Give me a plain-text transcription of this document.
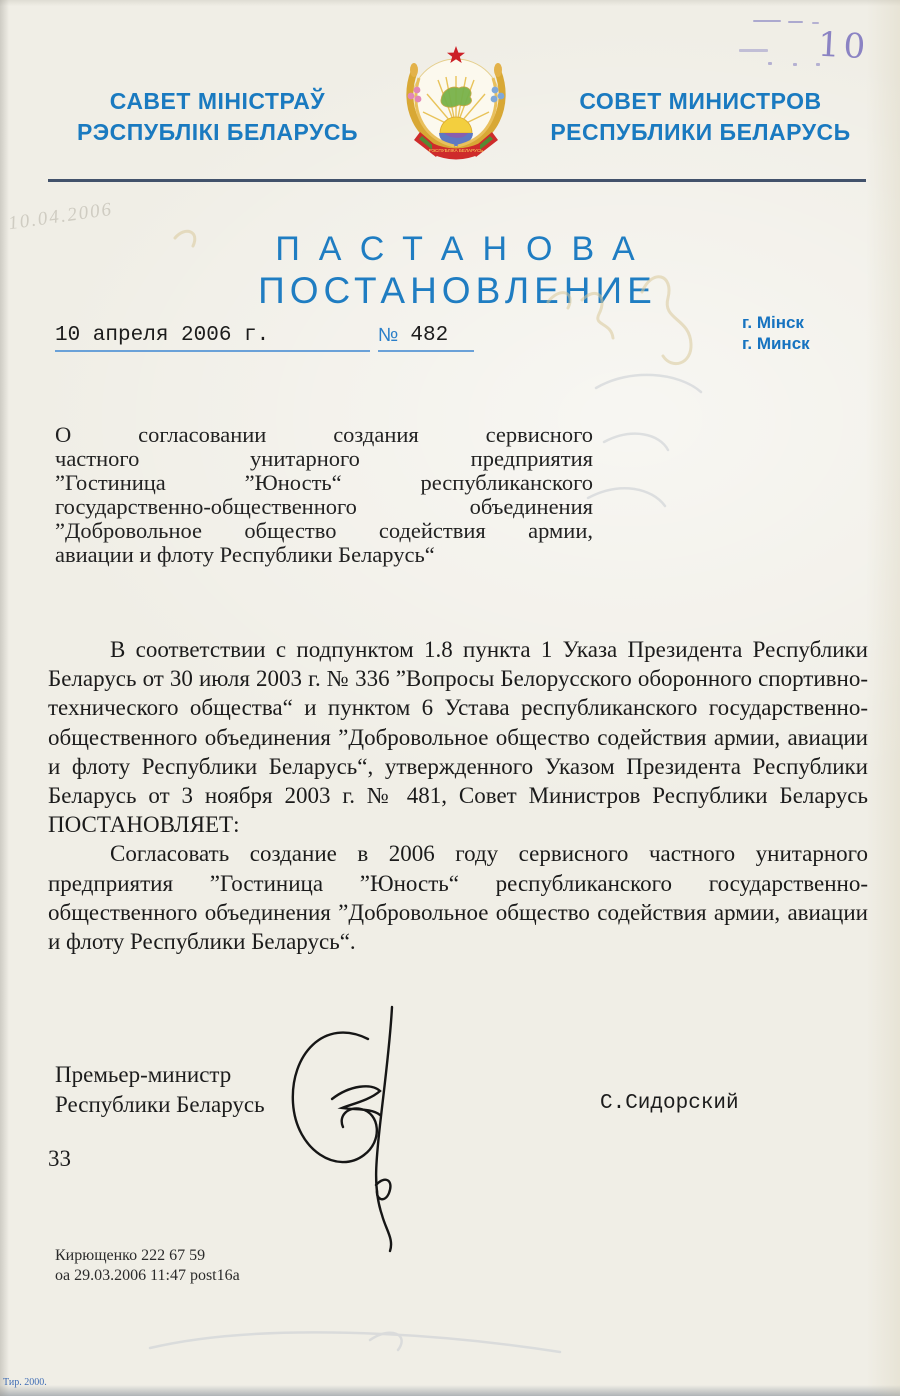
10
10.04.2006
САВЕТ МІНІСТРАЎ
РЭСПУБЛІКІ БЕЛАРУСЬ
СОВЕТ МИНИСТРОВ
РЕСПУБЛИКИ БЕЛАРУСЬ
РЭСПУБЛІКА БЕЛАРУСЬ
ПАСТАНОВА
ПОСТАНОВЛЕНИЕ
10 апреля 2006 г.	№ 482
г. Мінск
г. Минск
О согласовании создания сервисного
частного унитарного предприятия
”Гостиница ”Юность“ республиканского
государственно-общественного объединения
”Добровольное общество содействия армии,
авиации и флоту Республики Беларусь“

В соответствии с подпунктом 1.8 пункта 1 Указа Президента Республики Беларусь от 30 июля 2003 г. № 336 ”Вопросы Белорусского оборонного спортивно-технического общества“ и пунктом 6 Устава республиканского государственно-общественного объединения ”Добровольное общество содействия армии, авиации и флоту Республики Беларусь“, утвержденного Указом Президента Республики Беларусь от 3 ноября 2003 г. № 481, Совет Министров Республики Беларусь ПОСТАНОВЛЯЕТ:

Согласовать создание в 2006 году сервисного частного унитарного предприятия ”Гостиница ”Юность“ республиканского государственно-общественного объединения ”Добровольное общество содействия армии, авиации и флоту Республики Беларусь“.

Премьер-министр
Республики Беларусь	С.Сидорский
33
Кирющенко 222 67 59
оа 29.03.2006 11:47 post16a
Тир. 2000.
